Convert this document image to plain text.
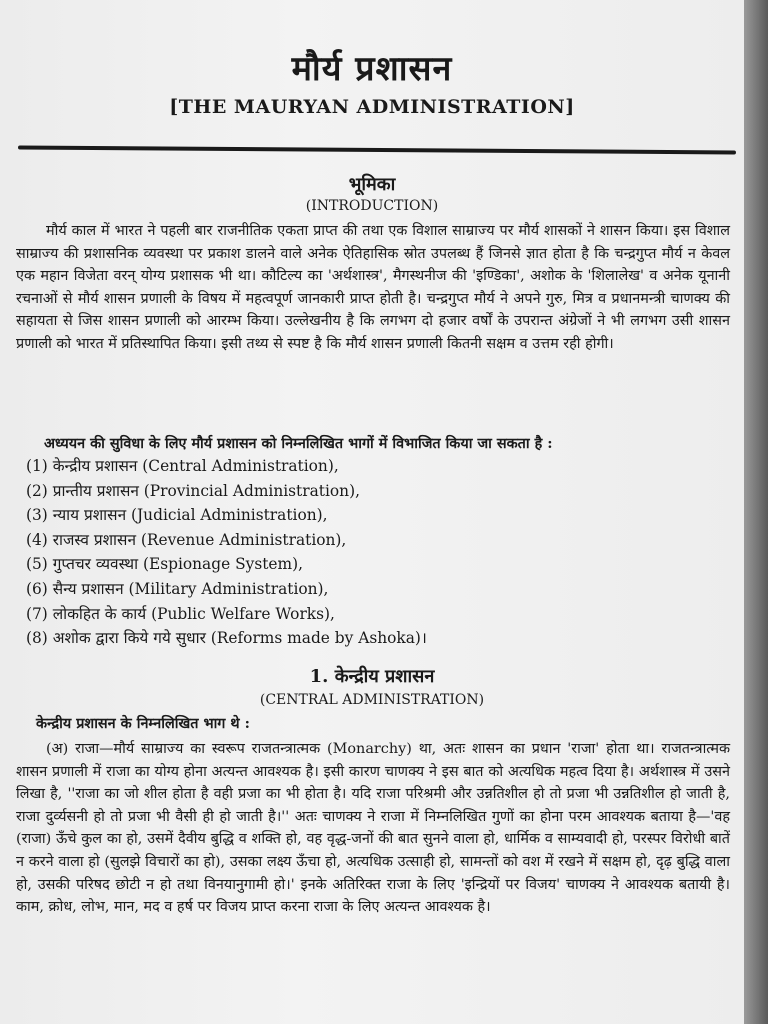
मौर्य प्रशासन
[THE MAURYAN ADMINISTRATION]
भूमिका
(INTRODUCTION)

मौर्य काल में भारत ने पहली बार राजनीतिक एकता प्राप्त की तथा एक विशाल साम्राज्य पर मौर्य शासकों ने शासन किया। इस विशाल साम्राज्य की प्रशासनिक व्यवस्था पर प्रकाश डालने वाले अनेक ऐतिहासिक स्रोत उपलब्ध हैं जिनसे ज्ञात होता है कि चन्द्रगुप्त मौर्य न केवल एक महान विजेता वरन् योग्य प्रशासक भी था। कौटिल्य का 'अर्थशास्त्र', मैगस्थनीज की 'इण्डिका', अशोक के 'शिलालेख' व अनेक यूनानी रचनाओं से मौर्य शासन प्रणाली के विषय में महत्वपूर्ण जानकारी प्राप्त होती है। चन्द्रगुप्त मौर्य ने अपने गुरु, मित्र व प्रधानमन्त्री चाणक्य की सहायता से जिस शासन प्रणाली को आरम्भ किया। उल्लेखनीय है कि लगभग दो हजार वर्षों के उपरान्त अंग्रेजों ने भी लगभग उसी शासन प्रणाली को भारत में प्रतिस्थापित किया। इसी तथ्य से स्पष्ट है कि मौर्य शासन प्रणाली कितनी सक्षम व उत्तम रही होगी।

अध्ययन की सुविधा के लिए मौर्य प्रशासन को निम्नलिखित भागों में विभाजित किया जा सकता है :

(1) केन्द्रीय प्रशासन (Central Administration),
(2) प्रान्तीय प्रशासन (Provincial Administration),
(3) न्याय प्रशासन (Judicial Administration),
(4) राजस्व प्रशासन (Revenue Administration),
(5) गुप्तचर व्यवस्था (Espionage System),
(6) सैन्य प्रशासन (Military Administration),
(7) लोकहित के कार्य (Public Welfare Works),
(8) अशोक द्वारा किये गये सुधार (Reforms made by Ashoka)।
1. केन्द्रीय प्रशासन
(CENTRAL ADMINISTRATION)

केन्द्रीय प्रशासन के निम्नलिखित भाग थे :

(अ) राजा—मौर्य साम्राज्य का स्वरूप राजतन्त्रात्मक (Monarchy) था, अतः शासन का प्रधान 'राजा' होता था। राजतन्त्रात्मक शासन प्रणाली में राजा का योग्य होना अत्यन्त आवश्यक है। इसी कारण चाणक्य ने इस बात को अत्यधिक महत्व दिया है। अर्थशास्त्र में उसने लिखा है, ''राजा का जो शील होता है वही प्रजा का भी होता है। यदि राजा परिश्रमी और उन्नतिशील हो तो प्रजा भी उन्नतिशील हो जाती है, राजा दुर्व्यसनी हो तो प्रजा भी वैसी ही हो जाती है।'' अतः चाणक्य ने राजा में निम्नलिखित गुणों का होना परम आवश्यक बताया है—'वह (राजा) ऊँचे कुल का हो, उसमें दैवीय बुद्धि व शक्ति हो, वह वृद्ध-जनों की बात सुनने वाला हो, धार्मिक व साम्यवादी हो, परस्पर विरोधी बातें न करने वाला हो (सुलझे विचारों का हो), उसका लक्ष्य ऊँचा हो, अत्यधिक उत्साही हो, सामन्तों को वश में रखने में सक्षम हो, दृढ़ बुद्धि वाला हो, उसकी परिषद छोटी न हो तथा विनयानुगामी हो।' इनके अतिरिक्त राजा के लिए 'इन्द्रियों पर विजय' चाणक्य ने आवश्यक बतायी है। काम, क्रोध, लोभ, मान, मद व हर्ष पर विजय प्राप्त करना राजा के लिए अत्यन्त आवश्यक है।
